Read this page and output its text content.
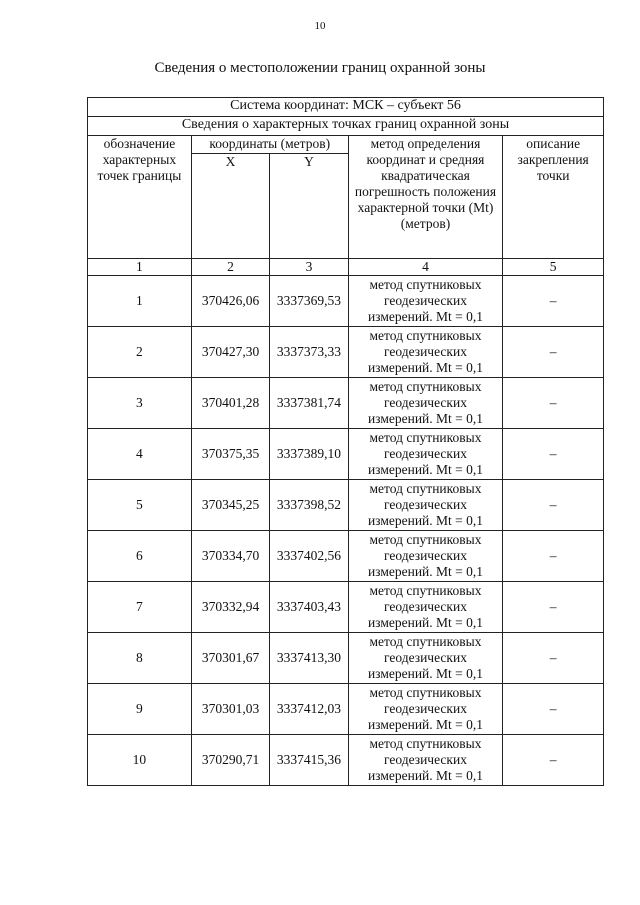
10
Сведения о местоположении границ охранной зоны
Система координат: МСК – субъект 56				
Сведения о характерных точках границ охранной зоны				
обозначение характерных точек границы	координаты (метров)		метод определения координат и средняя квадратическая погрешность положения характерной точки (Mt) (метров)	описание закрепления точки
	X	Y		
1	2	3	4	5
1	370426,06	3337369,53	метод спутниковых геодезических измерений. Mt = 0,1	–
2	370427,30	3337373,33	метод спутниковых геодезических измерений. Mt = 0,1	–
3	370401,28	3337381,74	метод спутниковых геодезических измерений. Mt = 0,1	–
4	370375,35	3337389,10	метод спутниковых геодезических измерений. Mt = 0,1	–
5	370345,25	3337398,52	метод спутниковых геодезических измерений. Mt = 0,1	–
6	370334,70	3337402,56	метод спутниковых геодезических измерений. Mt = 0,1	–
7	370332,94	3337403,43	метод спутниковых геодезических измерений. Mt = 0,1	–
8	370301,67	3337413,30	метод спутниковых геодезических измерений. Mt = 0,1	–
9	370301,03	3337412,03	метод спутниковых геодезических измерений. Mt = 0,1	–
10	370290,71	3337415,36	метод спутниковых геодезических измерений. Mt = 0,1	–
